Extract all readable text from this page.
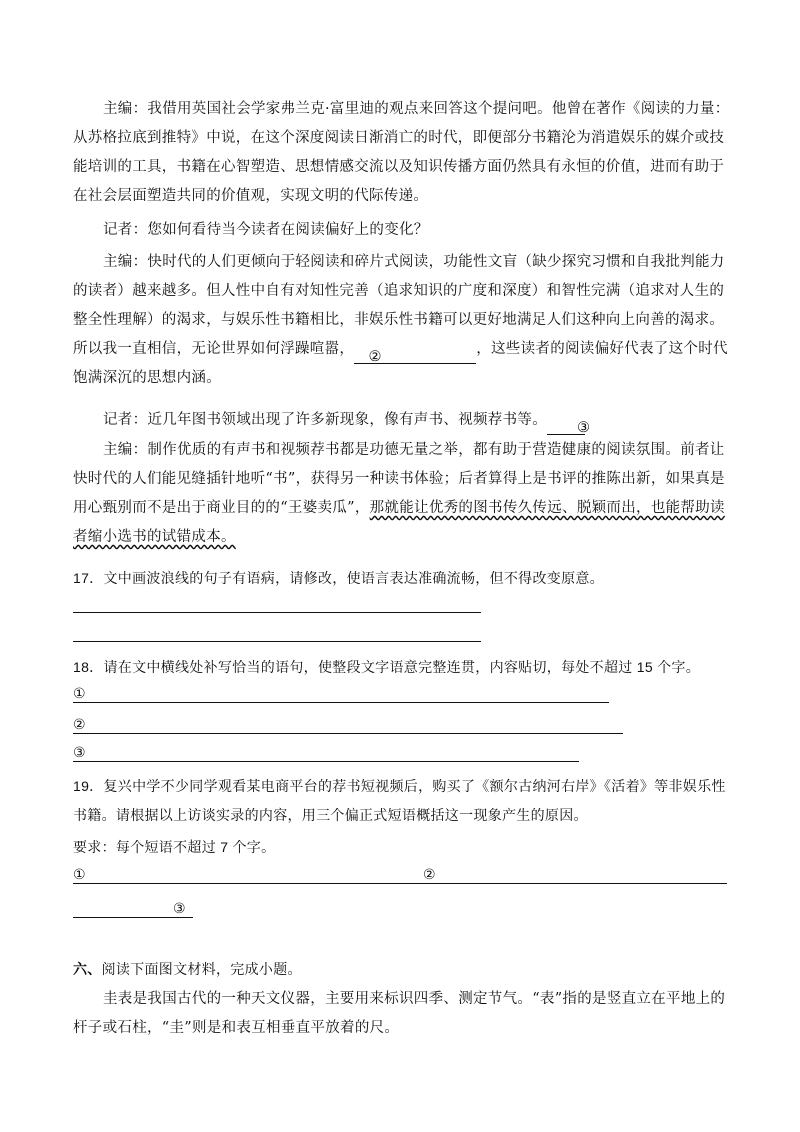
主编：我借用英国社会学家弗兰克·富里迪的观点来回答这个提问吧。他曾在著作《阅读的力量：从苏格拉底到推特》中说，在这个深度阅读日渐消亡的时代，即便部分书籍沦为消遣娱乐的媒介或技能培训的工具，书籍在心智塑造、思想情感交流以及知识传播方面仍然具有永恒的价值，进而有助于在社会层面塑造共同的价值观，实现文明的代际传递。

记者：您如何看待当今读者在阅读偏好上的变化？

主编：快时代的人们更倾向于轻阅读和碎片式阅读，功能性文盲（缺少探究习惯和自我批判能力的读者）越来越多。但人性中自有对知性完善（追求知识的广度和深度）和智性完满（追求对人生的整全性理解）的渴求，与娱乐性书籍相比，非娱乐性书籍可以更好地满足人们这种向上向善的渴求。所以我一直相信，无论世界如何浮躁喧嚣， ②	，这些读者的阅读偏好代表了这个时代饱满深沉的思想内涵。

记者：近几年图书领域出现了许多新现象，像有声书、视频荐书等。 ③

主编：制作优质的有声书和视频荐书都是功德无量之举，都有助于营造健康的阅读氛围。前者让快时代的人们能见缝插针地听“书”，获得另一种读书体验；后者算得上是书评的推陈出新，如果真是用心甄别而不是出于商业目的的“王婆卖瓜”，那就能让优秀的图书传久传远、脱颖而出，也能帮助读者缩小选书的试错成本。

17．文中画波浪线的句子有语病，请修改，使语言表达准确流畅，但不得改变原意。

18．请在文中横线处补写恰当的语句，使整段文字语意完整连贯，内容贴切，每处不超过 15 个字。

①
②
③

19．复兴中学不少同学观看某电商平台的荐书短视频后，购买了《额尔古纳河右岸》《活着》等非娱乐性书籍。请根据以上访谈实录的内容，用三个偏正式短语概括这一现象产生的原因。

要求：每个短语不超过 7 个字。

①	②
③

六、阅读下面图文材料，完成小题。

圭表是我国古代的一种天文仪器，主要用来标识四季、测定节气。“表”指的是竖直立在平地上的杆子或石柱，“圭”则是和表互相垂直平放着的尺。
